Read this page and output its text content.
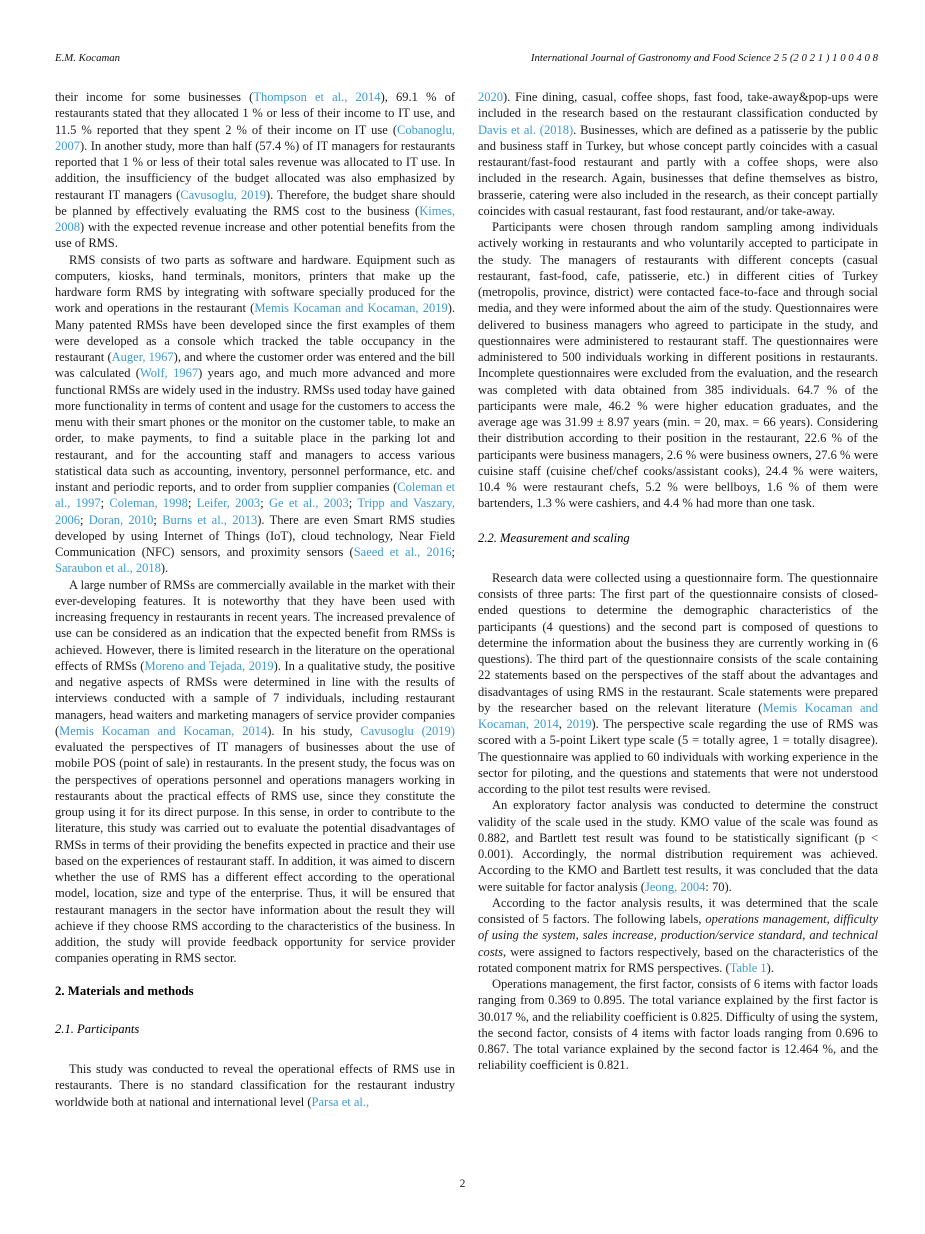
E.M. Kocaman	International Journal of Gastronomy and Food Science 2 5 (2 0 2 1 ) 1 0 0 4 0 8

their income for some businesses (Thompson et al., 2014), 69.1 % of restaurants stated that they allocated 1 % or less of their income to IT use, and 11.5 % reported that they spent 2 % of their income on IT use (Cobanoglu, 2007). In another study, more than half (57.4 %) of IT managers for restaurants reported that 1 % or less of their total sales revenue was allocated to IT use. In addition, the insufficiency of the budget allocated was also emphasized by restaurant IT managers (Cavusoglu, 2019). Therefore, the budget share should be planned by effectively evaluating the RMS cost to the business (Kimes, 2008) with the expected revenue increase and other potential benefits from the use of RMS.

RMS consists of two parts as software and hardware. Equipment such as computers, kiosks, hand terminals, monitors, printers that make up the hardware form RMS by integrating with software specially produced for the work and operations in the restaurant (Memis Kocaman and Kocaman, 2019). Many patented RMSs have been developed since the first examples of them were developed as a console which tracked the table occupancy in the restaurant (Auger, 1967), and where the customer order was entered and the bill was calculated (Wolf, 1967) years ago, and much more advanced and more functional RMSs are widely used in the industry. RMSs used today have gained more functionality in terms of content and usage for the customers to access the menu with their smart phones or the monitor on the customer table, to make an order, to make payments, to find a suitable place in the parking lot and restaurant, and for the accounting staff and managers to access various statistical data such as accounting, inventory, personnel performance, etc. and instant and periodic reports, and to order from supplier companies (Coleman et al., 1997; Coleman, 1998; Leifer, 2003; Ge et al., 2003; Tripp and Vaszary, 2006; Doran, 2010; Burns et al., 2013). There are even Smart RMS studies developed by using Internet of Things (IoT), cloud technology, Near Field Communication (NFC) sensors, and proximity sensors (Saeed et al., 2016; Saraubon et al., 2018).

A large number of RMSs are commercially available in the market with their ever-developing features. It is noteworthy that they have been used with increasing frequency in restaurants in recent years. The increased prevalence of use can be considered as an indication that the expected benefit from RMSs is achieved. However, there is limited research in the literature on the operational effects of RMSs (Moreno and Tejada, 2019). In a qualitative study, the positive and negative aspects of RMSs were determined in line with the results of interviews conducted with a sample of 7 individuals, including restaurant managers, head waiters and marketing managers of service provider companies (Memis Kocaman and Kocaman, 2014). In his study, Cavusoglu (2019) evaluated the perspectives of IT managers of businesses about the use of mobile POS (point of sale) in restaurants. In the present study, the focus was on the perspectives of operations personnel and operations managers working in restaurants about the practical effects of RMS use, since they constitute the group using it for its direct purpose. In this sense, in order to contribute to the literature, this study was carried out to evaluate the potential disadvantages of RMSs in terms of their providing the benefits expected in practice and their use based on the experiences of restaurant staff. In addition, it was aimed to discern whether the use of RMS has a different effect according to the operational model, location, size and type of the enterprise. Thus, it will be ensured that restaurant managers in the sector have information about the result they will achieve if they choose RMS according to the characteristics of the business. In addition, the study will provide feedback opportunity for service provider companies operating in RMS sector.

2. Materials and methods
2.1. Participants

This study was conducted to reveal the operational effects of RMS use in restaurants. There is no standard classification for the restaurant industry worldwide both at national and international level (Parsa et al.,

2020). Fine dining, casual, coffee shops, fast food, take-away&pop-ups were included in the research based on the restaurant classification conducted by Davis et al. (2018). Businesses, which are defined as a patisserie by the public and business staff in Turkey, but whose concept partly coincides with a casual restaurant/fast-food restaurant and partly with a coffee shops, were also included in the research. Again, businesses that define themselves as bistro, brasserie, catering were also included in the research, as their concept partially coincides with casual restaurant, fast food restaurant, and/or take-away.

Participants were chosen through random sampling among individuals actively working in restaurants and who voluntarily accepted to participate in the study. The managers of restaurants with different concepts (casual restaurant, fast-food, cafe, patisserie, etc.) in different cities of Turkey (metropolis, province, district) were contacted face-to-face and through social media, and they were informed about the aim of the study. Questionnaires were delivered to business managers who agreed to participate in the study, and questionnaires were administered to restaurant staff. The questionnaires were administered to 500 individuals working in different positions in restaurants. Incomplete questionnaires were excluded from the evaluation, and the research was completed with data obtained from 385 individuals. 64.7 % of the participants were male, 46.2 % were higher education graduates, and the average age was 31.99 ± 8.97 years (min. = 20, max. = 66 years). Considering their distribution according to their position in the restaurant, 22.6 % of the participants were business managers, 2.6 % were business owners, 27.6 % were cuisine staff (cuisine chef/chef cooks/assistant cooks), 24.4 % were waiters, 10.4 % were restaurant chefs, 5.2 % were bellboys, 1.6 % of them were bartenders, 1.3 % were cashiers, and 4.4 % had more than one task.

2.2. Measurement and scaling

Research data were collected using a questionnaire form. The questionnaire consists of three parts: The first part of the questionnaire consists of closed-ended questions to determine the demographic characteristics of the participants (4 questions) and the second part is composed of questions to determine the information about the business they are currently working in (6 questions). The third part of the questionnaire consists of the scale containing 22 statements based on the perspectives of the staff about the advantages and disadvantages of using RMS in the restaurant. Scale statements were prepared by the researcher based on the relevant literature (Memis Kocaman and Kocaman, 2014, 2019). The perspective scale regarding the use of RMS was scored with a 5-point Likert type scale (5 = totally agree, 1 = totally disagree). The questionnaire was applied to 60 individuals with working experience in the sector for piloting, and the questions and statements that were not understood according to the pilot test results were revised.

An exploratory factor analysis was conducted to determine the construct validity of the scale used in the study. KMO value of the scale was found as 0.882, and Bartlett test result was found to be statistically significant (p < 0.001). Accordingly, the normal distribution requirement was achieved. According to the KMO and Bartlett test results, it was concluded that the data were suitable for factor analysis (Jeong, 2004: 70).

According to the factor analysis results, it was determined that the scale consisted of 5 factors. The following labels, operations management, difficulty of using the system, sales increase, production/service standard, and technical costs, were assigned to factors respectively, based on the characteristics of the rotated component matrix for RMS perspectives. (Table 1).

Operations management, the first factor, consists of 6 items with factor loads ranging from 0.369 to 0.895. The total variance explained by the first factor is 30.017 %, and the reliability coefficient is 0.825. Difficulty of using the system, the second factor, consists of 4 items with factor loads ranging from 0.696 to 0.867. The total variance explained by the second factor is 12.464 %, and the reliability coefficient is 0.821.

2
